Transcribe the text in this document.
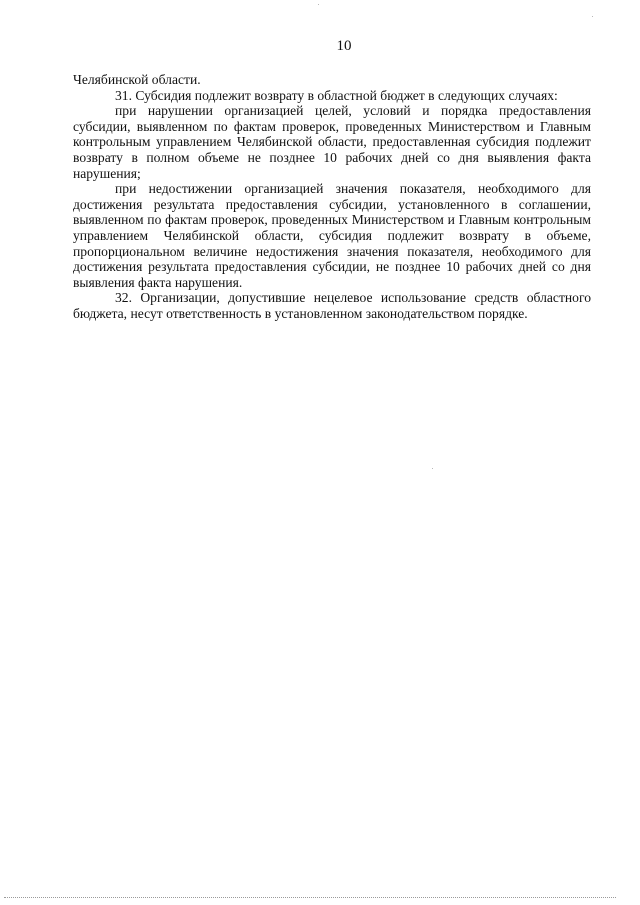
10

Челябинской области.

31. Субсидия подлежит возврату в областной бюджет в следующих случаях:

при нарушении организацией целей, условий и порядка предоставления субсидии, выявленном по фактам проверок, проведенных Министерством и Главным контрольным управлением Челябинской области, предоставленная субсидия подлежит возврату в полном объеме не позднее 10 рабочих дней со дня выявления факта нарушения;

при недостижении организацией значения показателя, необходимого для достижения результата предоставления субсидии, установленного в соглашении, выявленном по фактам проверок, проведенных Министерством и Главным контрольным управлением Челябинской области, субсидия подлежит возврату в объеме, пропорциональном величине недостижения значения показателя, необходимого для достижения результата предоставления субсидии, не позднее 10 рабочих дней со дня выявления факта нарушения.

32. Организации, допустившие нецелевое использование средств областного бюджета, несут ответственность в установленном законодательством порядке.
